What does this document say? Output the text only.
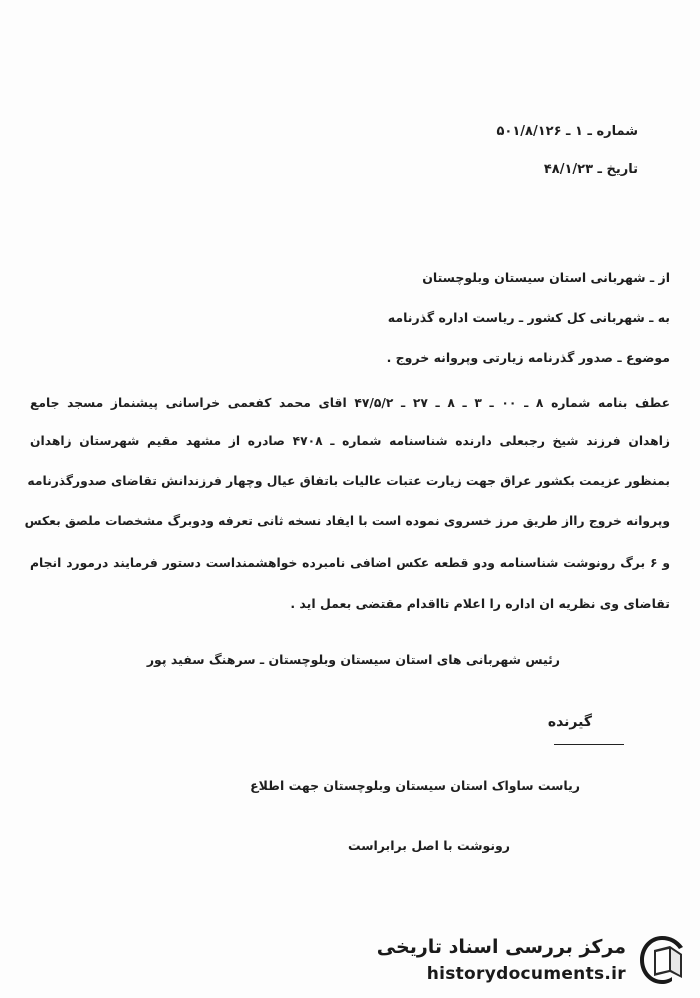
شماره ـ ۱ ـ ۵۰۱/۸/۱۲۶
تاریخ ـ ۴۸/۱/۲۳
از ـ شهربانی استان سیستان وبلوچستان
به ـ شهربانی کل کشور ـ ریاست اداره گذرنامه
موضوع ـ صدور گذرنامه زیارتی وپروانه خروج .
عطف بنامه شماره ۸ ـ ۰۰ ـ ۳ ـ ۸ ـ ۲۷ ـ ۴۷/۵/۲ اقای محمد کفعمی خراسانی پیشنماز مسجد جامع
زاهدان فرزند شیخ رجبعلی دارنده شناسنامه شماره ـ ۴۷۰۸ صادره از مشهد مقیم شهرستان زاهدان
بمنظور عزیمت بکشور عراق جهت زیارت عتبات عالیات باتفاق عیال وچهار فرزندانش تقاضای صدورگذرنامه
وپروانه خروج رااز طریق مرز خسروی نموده است با ایفاد نسخه ثانی تعرفه ودوبرگ مشخصات ملصق بعکس
و ۶ برگ رونوشت شناسنامه ودو قطعه عکس اضافی نامبرده خواهشمنداست دستور فرمایند درمورد انجام
تقاضای وی نظریه ان اداره را اعلام تااقدام مقتضی بعمل اید .
رئیس شهربانی های استان سیستان وبلوچستان ـ سرهنگ سفید پور
گیرنده
ریاست ساواک استان سیستان وبلوچستان جهت اطلاع
رونوشت با اصل برابراست
مرکز بررسی اسناد تاریخی
historydocuments.ir
